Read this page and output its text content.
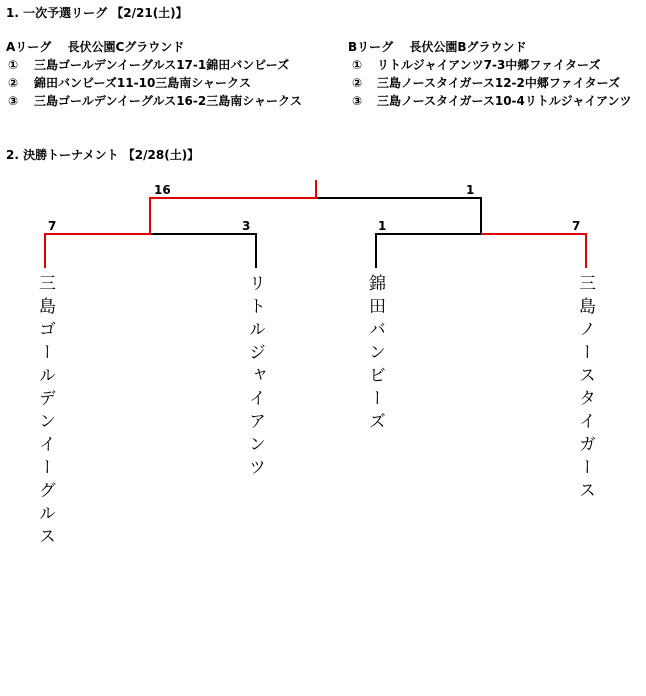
1. 一次予選リーグ 【2/21(土)】
Aリーグ　 長伏公園Cグラウンド
① 三島ゴールデンイーグルス17-1錦田バンビーズ
② 錦田バンビーズ11-10三島南シャークス
③ 三島ゴールデンイーグルス16-2三島南シャークス
Bリーグ　 長伏公園Bグラウンド
① リトルジャイアンツ7-3中郷ファイターズ
② 三島ノースタイガース12-2中郷ファイターズ
③ 三島ノースタイガース10-4リトルジャイアンツ
2. 決勝トーナメント 【2/28(土)】
16	1
7	3	1	7
三島ゴールデンイーグルス	リトルジャイアンツ	錦田バンビーズ	三島ノースタイガース
